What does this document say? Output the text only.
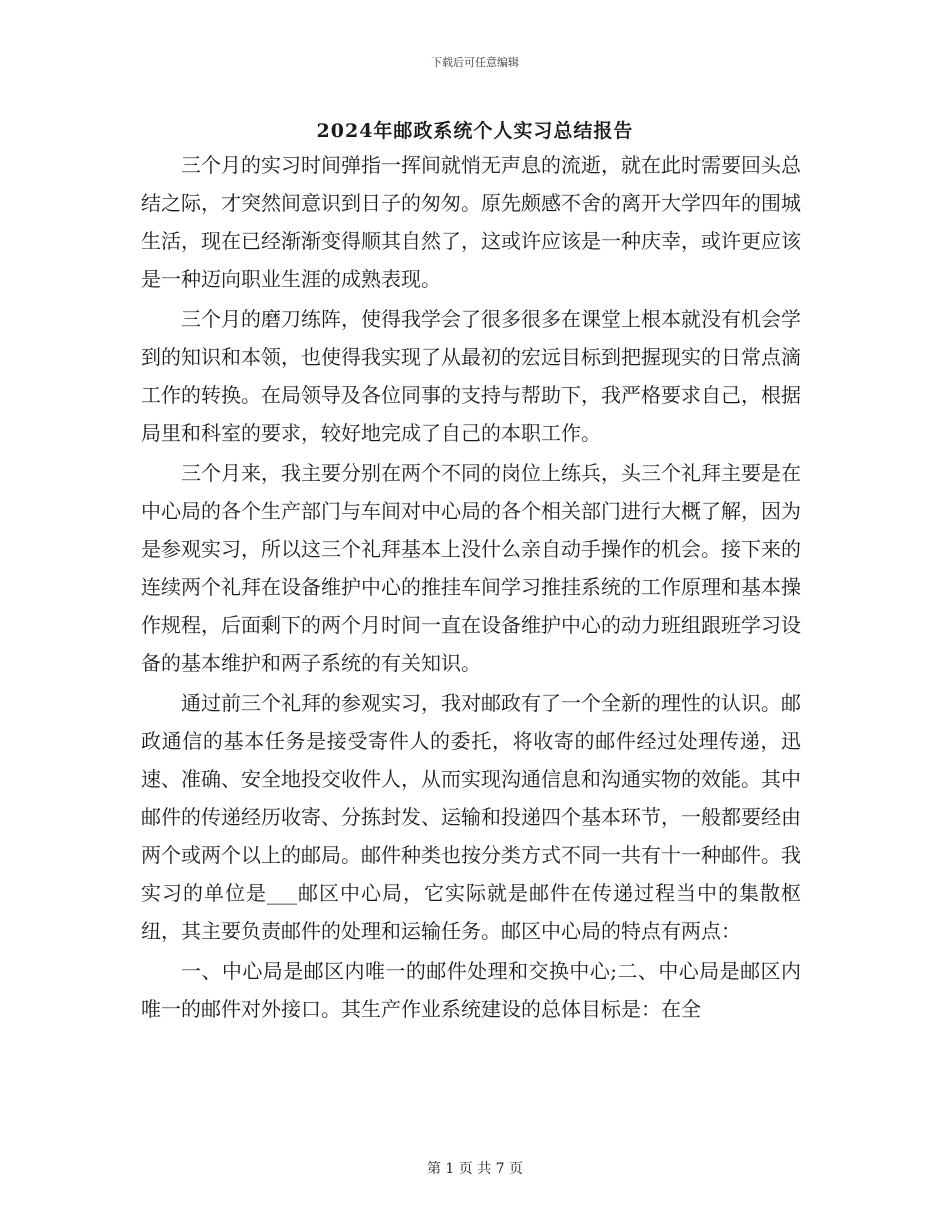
下载后可任意编辑
2024年邮政系统个人实习总结报告

三个月的实习时间弹指一挥间就悄无声息的流逝，就在此时需要回头总结之际，才突然间意识到日子的匆匆。原先颇感不舍的离开大学四年的围城生活，现在已经渐渐变得顺其自然了，这或许应该是一种庆幸，或许更应该是一种迈向职业生涯的成熟表现。

三个月的磨刀练阵，使得我学会了很多很多在课堂上根本就没有机会学到的知识和本领，也使得我实现了从最初的宏远目标到把握现实的日常点滴工作的转换。在局领导及各位同事的支持与帮助下，我严格要求自己，根据局里和科室的要求，较好地完成了自己的本职工作。

三个月来，我主要分别在两个不同的岗位上练兵，头三个礼拜主要是在中心局的各个生产部门与车间对中心局的各个相关部门进行大概了解，因为是参观实习，所以这三个礼拜基本上没什么亲自动手操作的机会。接下来的连续两个礼拜在设备维护中心的推挂车间学习推挂系统的工作原理和基本操作规程，后面剩下的两个月时间一直在设备维护中心的动力班组跟班学习设备的基本维护和两子系统的有关知识。

通过前三个礼拜的参观实习，我对邮政有了一个全新的理性的认识。邮政通信的基本任务是接受寄件人的委托，将收寄的邮件经过处理传递，迅速、准确、安全地投交收件人，从而实现沟通信息和沟通实物的效能。其中邮件的传递经历收寄、分拣封发、运输和投递四个基本环节，一般都要经由两个或两个以上的邮局。邮件种类也按分类方式不同一共有十一种邮件。我实习的单位是___邮区中心局，它实际就是邮件在传递过程当中的集散枢纽，其主要负责邮件的处理和运输任务。邮区中心局的特点有两点：

一、中心局是邮区内唯一的邮件处理和交换中心;二、中心局是邮区内唯一的邮件对外接口。其生产作业系统建设的总体目标是：在全

第 1 页 共 7 页
